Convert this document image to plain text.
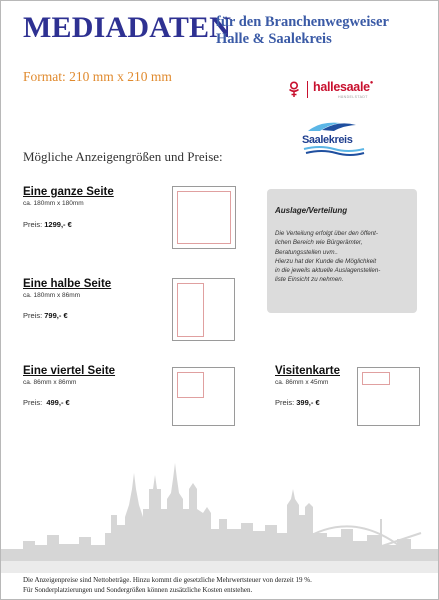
MEDIADATEN
für den Branchenwegweiser
Halle & Saalekreis
Format: 210 mm x 210 mm
hallesaale●
HÄNDELSTADT
Saalekreis
Mögliche Anzeigengrößen und Preise:
Eine ganze Seite
ca. 180mm x 180mm
Preis: 1299,- €
Eine halbe Seite
ca. 180mm x 86mm
Preis: 799,- €
Eine viertel Seite
ca. 86mm x 86mm
Preis: 499,- €
Visitenkarte
ca. 86mm x 45mm
Preis: 399,- €
Auslage/Verteilung
Die Verteilung erfolgt über den öffent-
lichen Bereich wie Bürgerämter,
Beratungsstellen uvm..
Hierzu hat der Kunde die Möglichkeit
in die jeweils aktuelle Auslagenstellen-
liste Einsicht zu nehmen.
Die Anzeigenpreise sind Nettobeträge. Hinzu kommt die gesetzliche Mehrwertsteuer von derzeit 19 %.
Für Sonderplatzierungen und Sondergrößen können zusätzliche Kosten entstehen.
